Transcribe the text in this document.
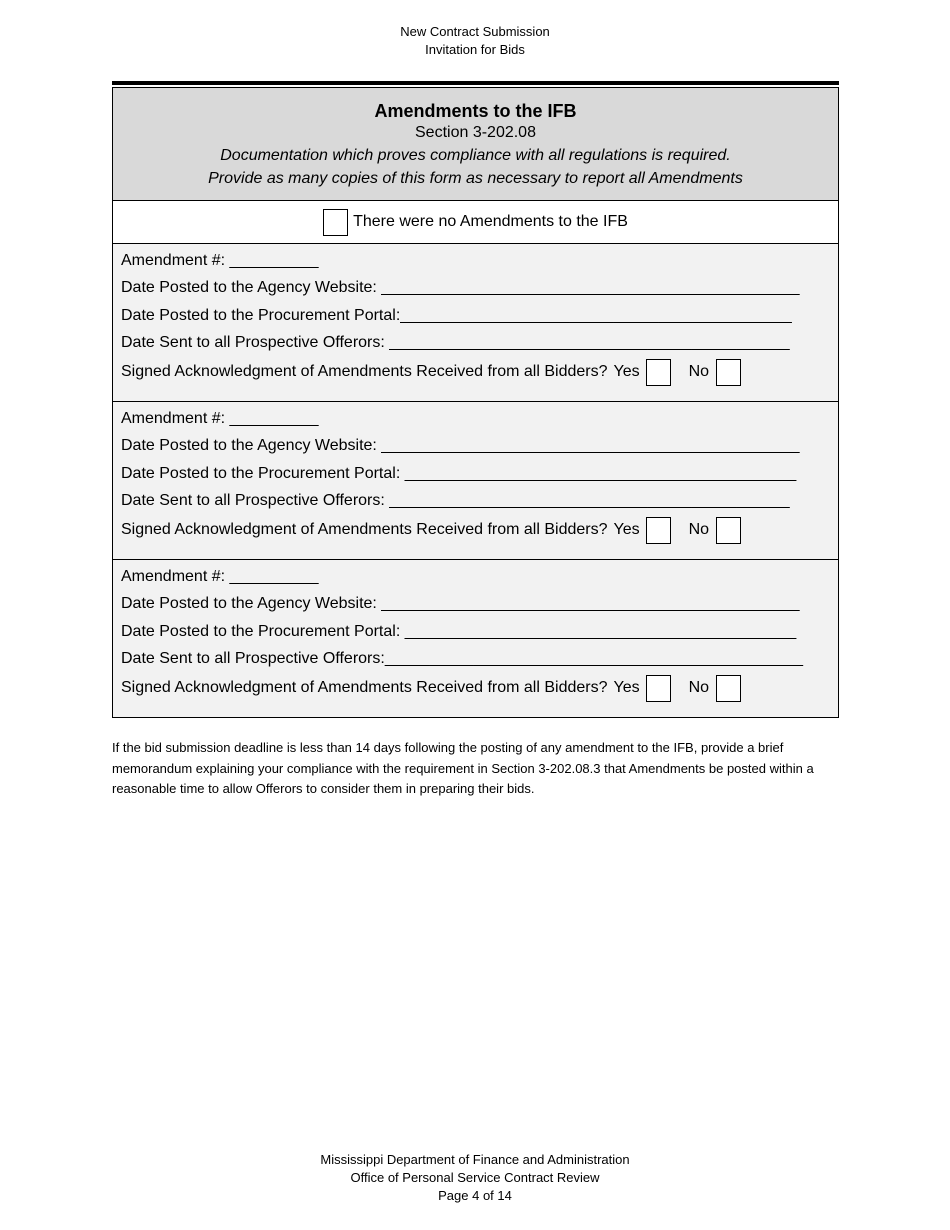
New Contract Submission
Invitation for Bids
Amendments to the IFB
Section 3-202.08
Documentation which proves compliance with all regulations is required.
Provide as many copies of this form as necessary to report all Amendments
There were no Amendments to the IFB
Amendment #: __________
Date Posted to the Agency Website: _______________________________________________
Date Posted to the Procurement Portal:____________________________________________
Date Sent to all Prospective Offerors: _____________________________________________
Signed Acknowledgment of Amendments Received from all Bidders? Yes	No
Amendment #: __________
Date Posted to the Agency Website: _______________________________________________
Date Posted to the Procurement Portal: ____________________________________________
Date Sent to all Prospective Offerors: _____________________________________________
Signed Acknowledgment of Amendments Received from all Bidders? Yes	No
Amendment #: __________
Date Posted to the Agency Website: _______________________________________________
Date Posted to the Procurement Portal: ____________________________________________
Date Sent to all Prospective Offerors:_______________________________________________
Signed Acknowledgment of Amendments Received from all Bidders? Yes	No
If the bid submission deadline is less than 14 days following the posting of any amendment to the IFB, provide a brief memorandum explaining your compliance with the requirement in Section 3-202.08.3 that Amendments be posted within a reasonable time to allow Offerors to consider them in preparing their bids.
Mississippi Department of Finance and Administration
Office of Personal Service Contract Review
Page 4 of 14
